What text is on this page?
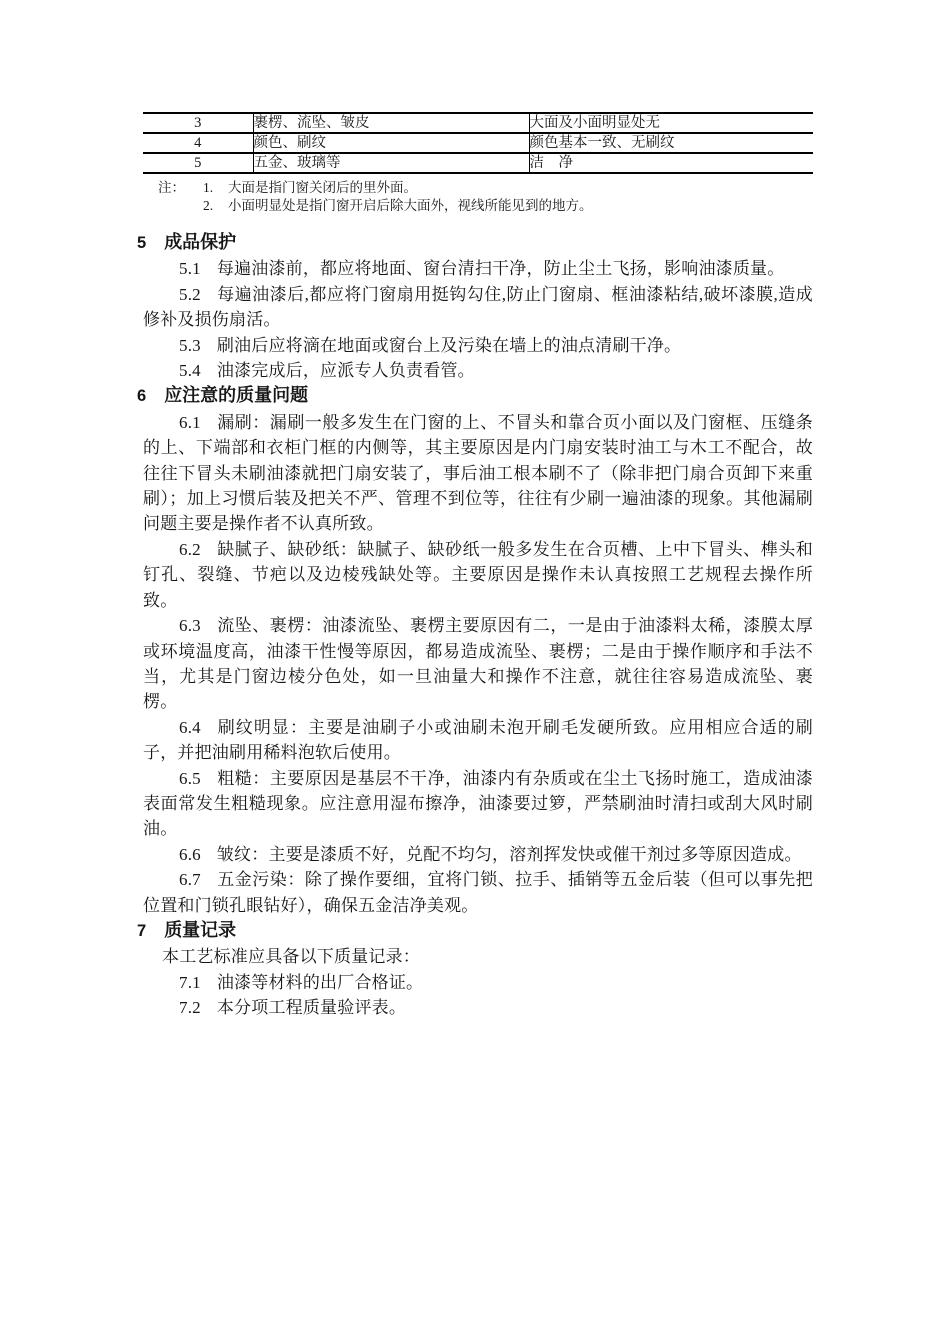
3	裹楞、流坠、皱皮	大面及小面明显处无
4	颜色、刷纹	颜色基本一致、无刷纹
5	五金、玻璃等	洁　净
注：	1.	大面是指门窗关闭后的里外面。
2.	小面明显处是指门窗开启后除大面外，视线所能见到的地方。
5 成品保护

5.1 每遍油漆前，都应将地面、窗台清扫干净，防止尘土飞扬，影响油漆质量。

5.2 每遍油漆后,都应将门窗扇用挺钩勾住,防止门窗扇、框油漆粘结,破坏漆膜,造成修补及损伤扇活。

5.3 刷油后应将滴在地面或窗台上及污染在墙上的油点清刷干净。

5.4 油漆完成后，应派专人负责看管。

6 应注意的质量问题

6.1 漏刷：漏刷一般多发生在门窗的上、不冒头和靠合页小面以及门窗框、压缝条的上、下端部和衣柜门框的内侧等，其主要原因是内门扇安装时油工与木工不配合，故往往下冒头未刷油漆就把门扇安装了，事后油工根本刷不了（除非把门扇合页卸下来重刷）；加上习惯后装及把关不严、管理不到位等，往往有少刷一遍油漆的现象。其他漏刷问题主要是操作者不认真所致。

6.2 缺腻子、缺砂纸：缺腻子、缺砂纸一般多发生在合页槽、上中下冒头、榫头和钉孔、裂缝、节疤以及边棱残缺处等。主要原因是操作未认真按照工艺规程去操作所致。

6.3 流坠、裹楞：油漆流坠、裹楞主要原因有二，一是由于油漆料太稀，漆膜太厚或环境温度高，油漆干性慢等原因，都易造成流坠、裹楞；二是由于操作顺序和手法不当，尤其是门窗边棱分色处，如一旦油量大和操作不注意，就往往容易造成流坠、裹楞。

6.4 刷纹明显：主要是油刷子小或油刷未泡开刷毛发硬所致。应用相应合适的刷子，并把油刷用稀料泡软后使用。

6.5 粗糙：主要原因是基层不干净，油漆内有杂质或在尘土飞扬时施工，造成油漆表面常发生粗糙现象。应注意用湿布擦净，油漆要过箩，严禁刷油时清扫或刮大风时刷油。

6.6 皱纹：主要是漆质不好，兑配不均匀，溶剂挥发快或催干剂过多等原因造成。

6.7 五金污染：除了操作要细，宜将门锁、拉手、插销等五金后装（但可以事先把位置和门锁孔眼钻好），确保五金洁净美观。

7 质量记录

本工艺标准应具备以下质量记录：

7.1 油漆等材料的出厂合格证。

7.2 本分项工程质量验评表。
